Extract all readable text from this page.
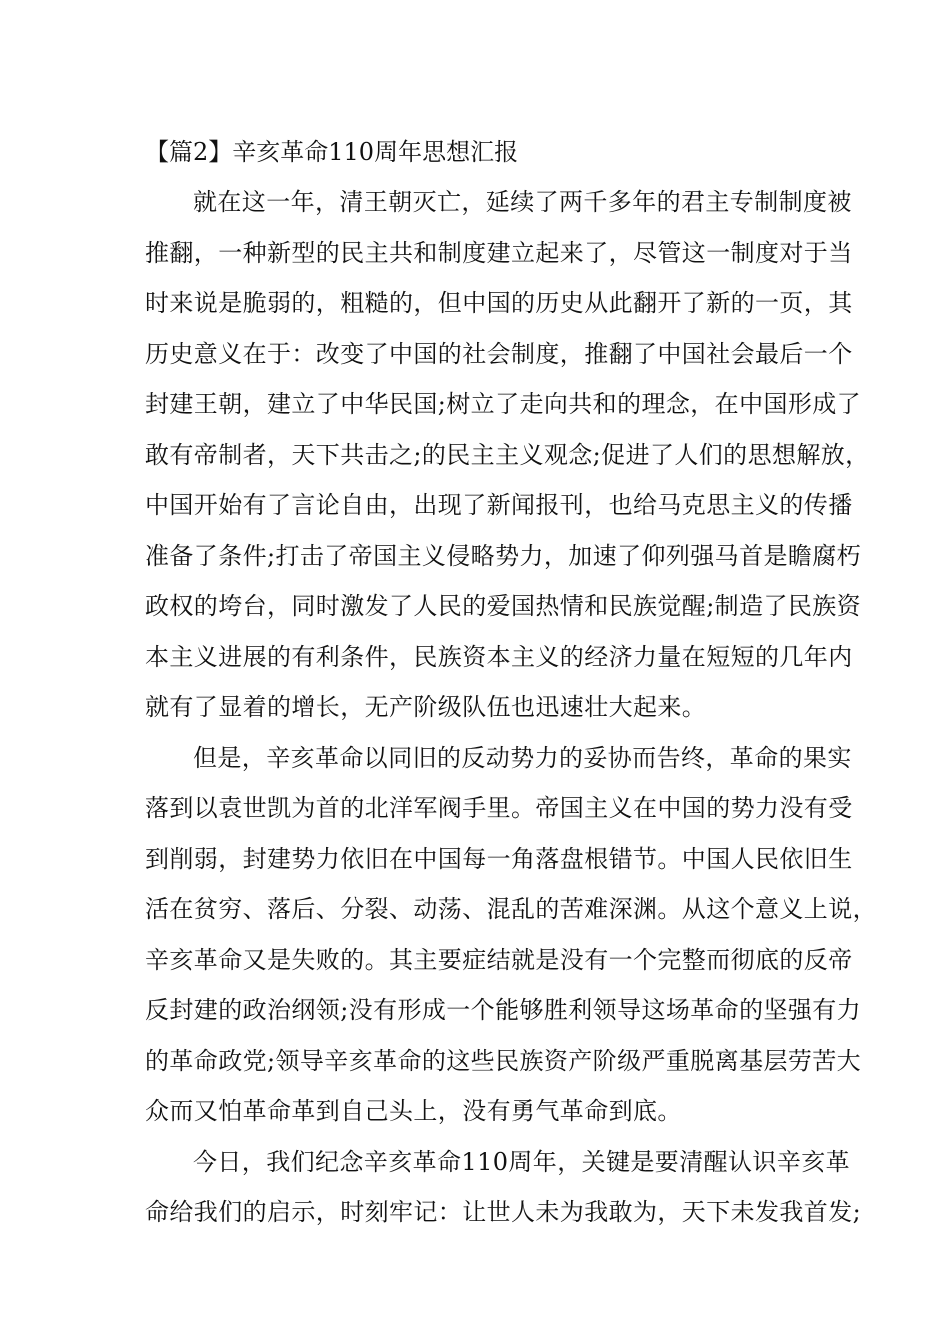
【篇2】辛亥革命110周年思想汇报
就在这一年，清王朝灭亡，延续了两千多年的君主专制制度被
推翻，一种新型的民主共和制度建立起来了，尽管这一制度对于当
时来说是脆弱的，粗糙的，但中国的历史从此翻开了新的一页，其
历史意义在于：改变了中国的社会制度，推翻了中国社会最后一个
封建王朝，建立了中华民国;树立了走向共和的理念，在中国形成了
敢有帝制者，天下共击之;的民主主义观念;促进了人们的思想解放，
中国开始有了言论自由，出现了新闻报刊，也给马克思主义的传播
准备了条件;打击了帝国主义侵略势力，加速了仰列强马首是瞻腐朽
政权的垮台，同时激发了人民的爱国热情和民族觉醒;制造了民族资
本主义进展的有利条件，民族资本主义的经济力量在短短的几年内
就有了显着的增长，无产阶级队伍也迅速壮大起来。
但是，辛亥革命以同旧的反动势力的妥协而告终，革命的果实
落到以袁世凯为首的北洋军阀手里。帝国主义在中国的势力没有受
到削弱，封建势力依旧在中国每一角落盘根错节。中国人民依旧生
活在贫穷、落后、分裂、动荡、混乱的苦难深渊。从这个意义上说，
辛亥革命又是失败的。其主要症结就是没有一个完整而彻底的反帝
反封建的政治纲领;没有形成一个能够胜利领导这场革命的坚强有力
的革命政党;领导辛亥革命的这些民族资产阶级严重脱离基层劳苦大
众而又怕革命革到自己头上，没有勇气革命到底。
今日，我们纪念辛亥革命110周年，关键是要清醒认识辛亥革
命给我们的启示，时刻牢记：让世人未为我敢为，天下未发我首发;
